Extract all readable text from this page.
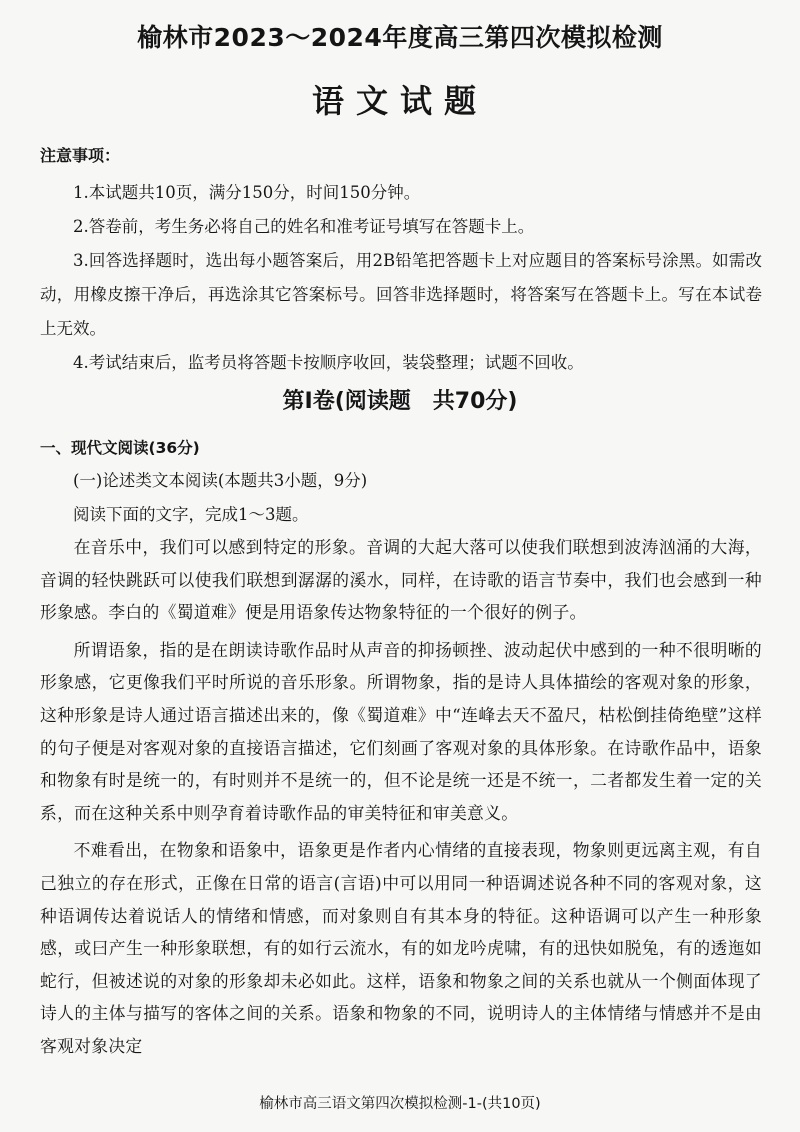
榆林市2023～2024年度高三第四次模拟检测
语文试题
注意事项：

1.本试题共10页，满分150分，时间150分钟。

2.答卷前，考生务必将自己的姓名和准考证号填写在答题卡上。

3.回答选择题时，选出每小题答案后，用2B铅笔把答题卡上对应题目的答案标号涂黑。如需改动，用橡皮擦干净后，再选涂其它答案标号。回答非选择题时，将答案写在答题卡上。写在本试卷上无效。

4.考试结束后，监考员将答题卡按顺序收回，装袋整理；试题不回收。

第Ⅰ卷(阅读题　共70分)

一、现代文阅读(36分)

(一)论述类文本阅读(本题共3小题，9分)

阅读下面的文字，完成1～3题。

在音乐中，我们可以感到特定的形象。音调的大起大落可以使我们联想到波涛汹涌的大海，音调的轻快跳跃可以使我们联想到潺潺的溪水，同样，在诗歌的语言节奏中，我们也会感到一种形象感。李白的《蜀道难》便是用语象传达物象特征的一个很好的例子。

所谓语象，指的是在朗读诗歌作品时从声音的抑扬顿挫、波动起伏中感到的一种不很明晰的形象感，它更像我们平时所说的音乐形象。所谓物象，指的是诗人具体描绘的客观对象的形象，这种形象是诗人通过语言描述出来的，像《蜀道难》中“连峰去天不盈尺，枯松倒挂倚绝壁”这样的句子便是对客观对象的直接语言描述，它们刻画了客观对象的具体形象。在诗歌作品中，语象和物象有时是统一的，有时则并不是统一的，但不论是统一还是不统一，二者都发生着一定的关系，而在这种关系中则孕育着诗歌作品的审美特征和审美意义。

不难看出，在物象和语象中，语象更是作者内心情绪的直接表现，物象则更远离主观，有自己独立的存在形式，正像在日常的语言(言语)中可以用同一种语调述说各种不同的客观对象，这种语调传达着说话人的情绪和情感，而对象则自有其本身的特征。这种语调可以产生一种形象感，或曰产生一种形象联想，有的如行云流水，有的如龙吟虎啸，有的迅快如脱兔，有的透迤如蛇行，但被述说的对象的形象却未必如此。这样，语象和物象之间的关系也就从一个侧面体现了诗人的主体与描写的客体之间的关系。语象和物象的不同，说明诗人的主体情绪与情感并不是由客观对象决定

榆林市高三语文第四次模拟检测-1-(共10页)
